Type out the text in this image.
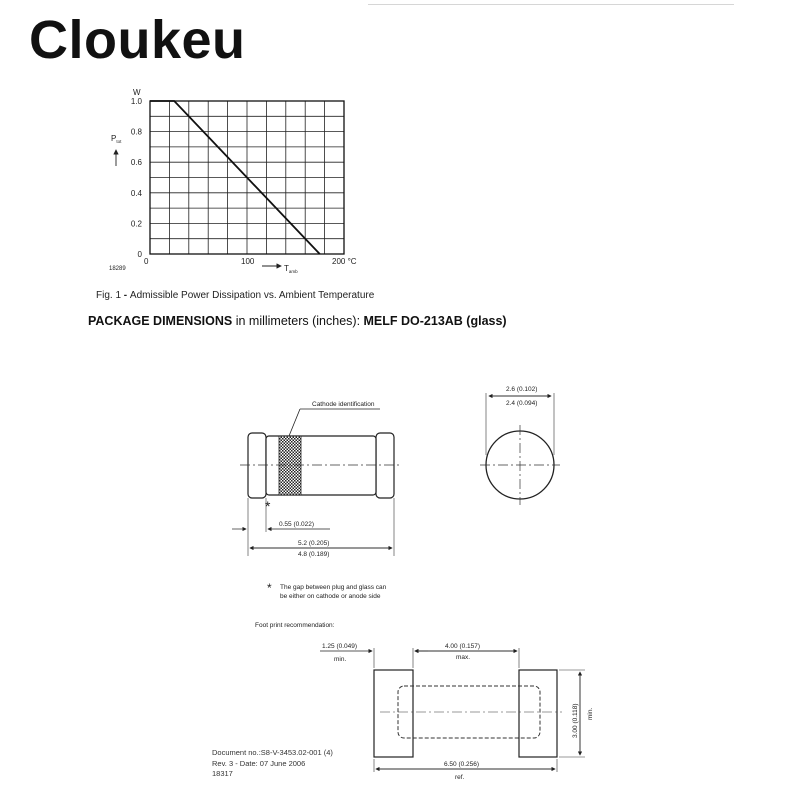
Cloukeu
1.0
0.8
0.6
0.4
0.2
0
0	100	200 °C
W
$P_{tot}$
$T_{amb}$
18289
Cathode identification
*
0.55 (0.022)
5.2 (0.205)
4.8 (0.189)
2.6 (0.102)
2.4 (0.094)
* The gap between plug and glass can
be either on cathode or anode side
Foot print recommendation:
1.25 (0.049)
min.
4.00 (0.157)
max.
3.00 (0.118) min.
6.50 (0.256)
ref.
Document no.:S8-V-3453.02-001 (4)
Rev. 3 - Date: 07 June 2006
18317
Fig. 1 - Admissible Power Dissipation vs. Ambient Temperature
PACKAGE DIMENSIONS in millimeters (inches): MELF DO-213AB (glass)
